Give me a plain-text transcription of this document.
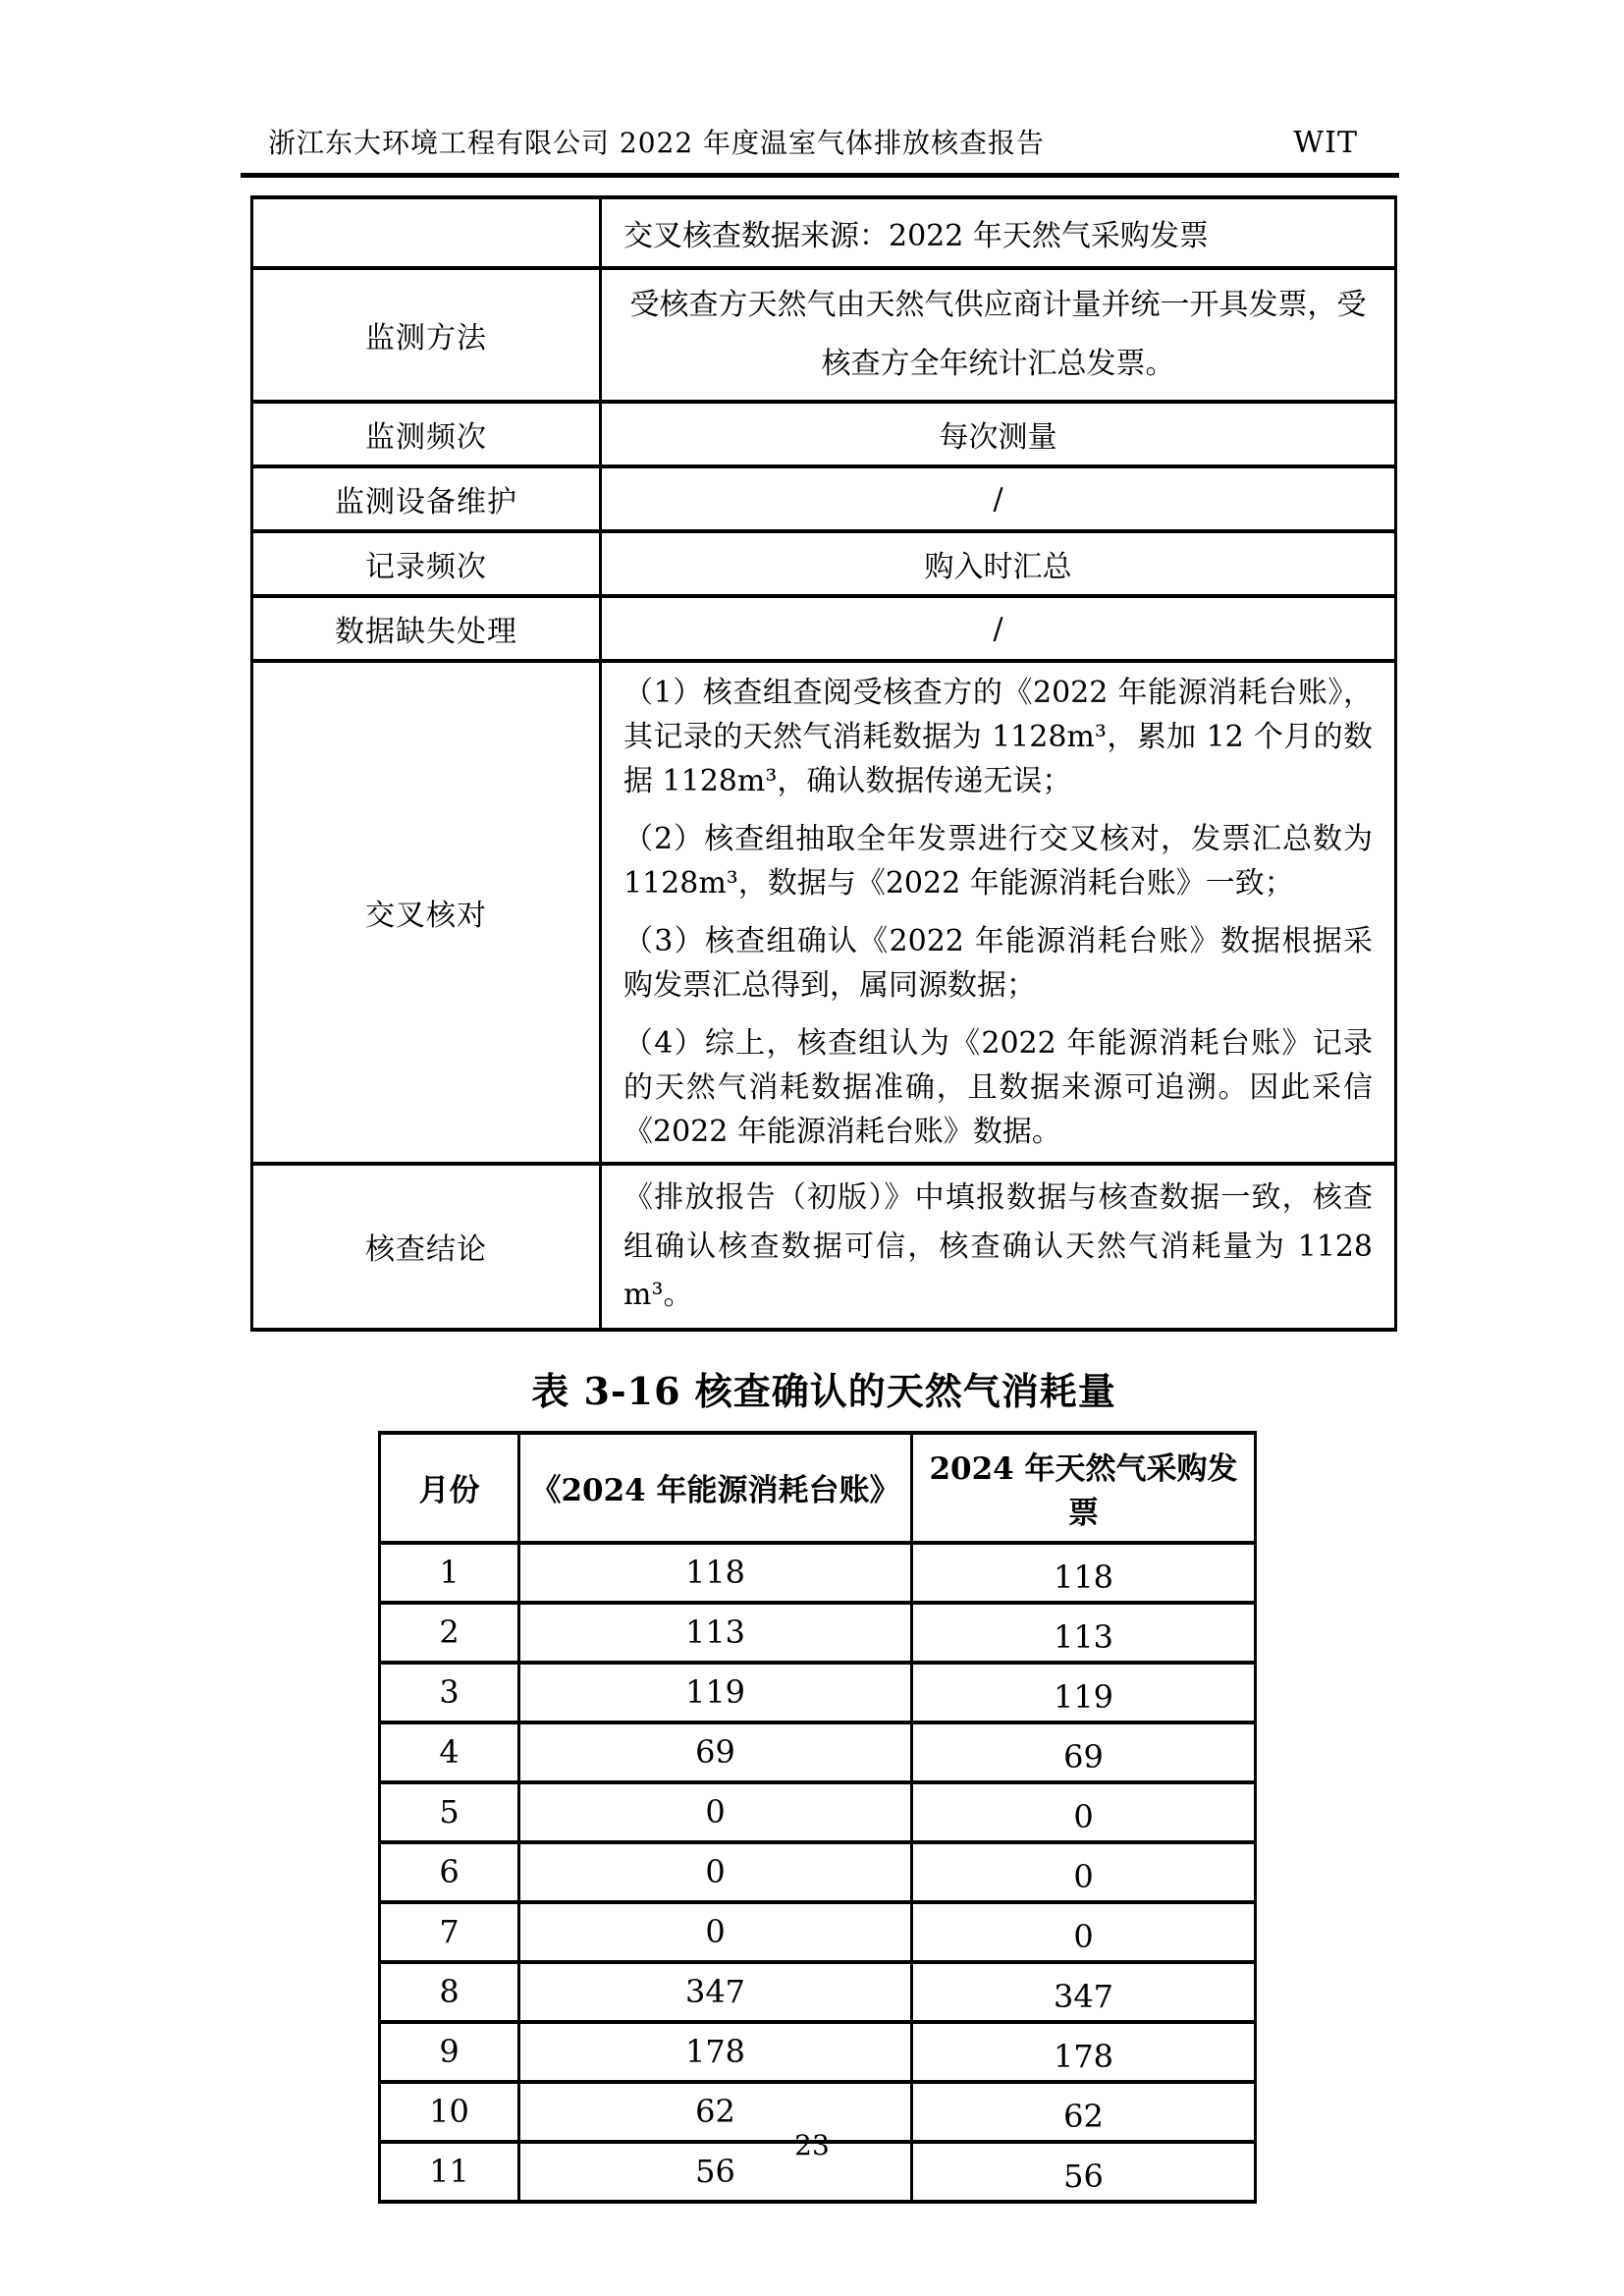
浙江东大环境工程有限公司 2022 年度温室气体排放核查报告	WIT
	交叉核查数据来源：2022 年天然气采购发票
监测方法	受核查方天然气由天然气供应商计量并统一开具发票，受核查方全年统计汇总发票。
监测频次	每次测量
监测设备维护	/
记录频次	购入时汇总
数据缺失处理	/
交叉核对	（1）核查组查阅受核查方的《2022 年能源消耗台账》，其记录的天然气消耗数据为 1128m³，累加 12 个月的数据 1128m³，确认数据传递无误；

（2）核查组抽取全年发票进行交叉核对，发票汇总数为 1128m³，数据与《2022 年能源消耗台账》一致；

（3）核查组确认《2022 年能源消耗台账》数据根据采购发票汇总得到，属同源数据；

（4）综上，核查组认为《2022 年能源消耗台账》记录的天然气消耗数据准确，且数据来源可追溯。因此采信《2022 年能源消耗台账》数据。

核查结论	《排放报告（初版）》中填报数据与核查数据一致，核查组确认核查数据可信，核查确认天然气消耗量为 1128 m³。
表 3-16 核查确认的天然气消耗量
月份	《2024 年能源消耗台账》	2024 年天然气采购发票
1	118	118
2	113	113
3	119	119
4	69	69
5	0	0
6	0	0
7	0	0
8	347	347
9	178	178
10	62	62
11	56	56
23
